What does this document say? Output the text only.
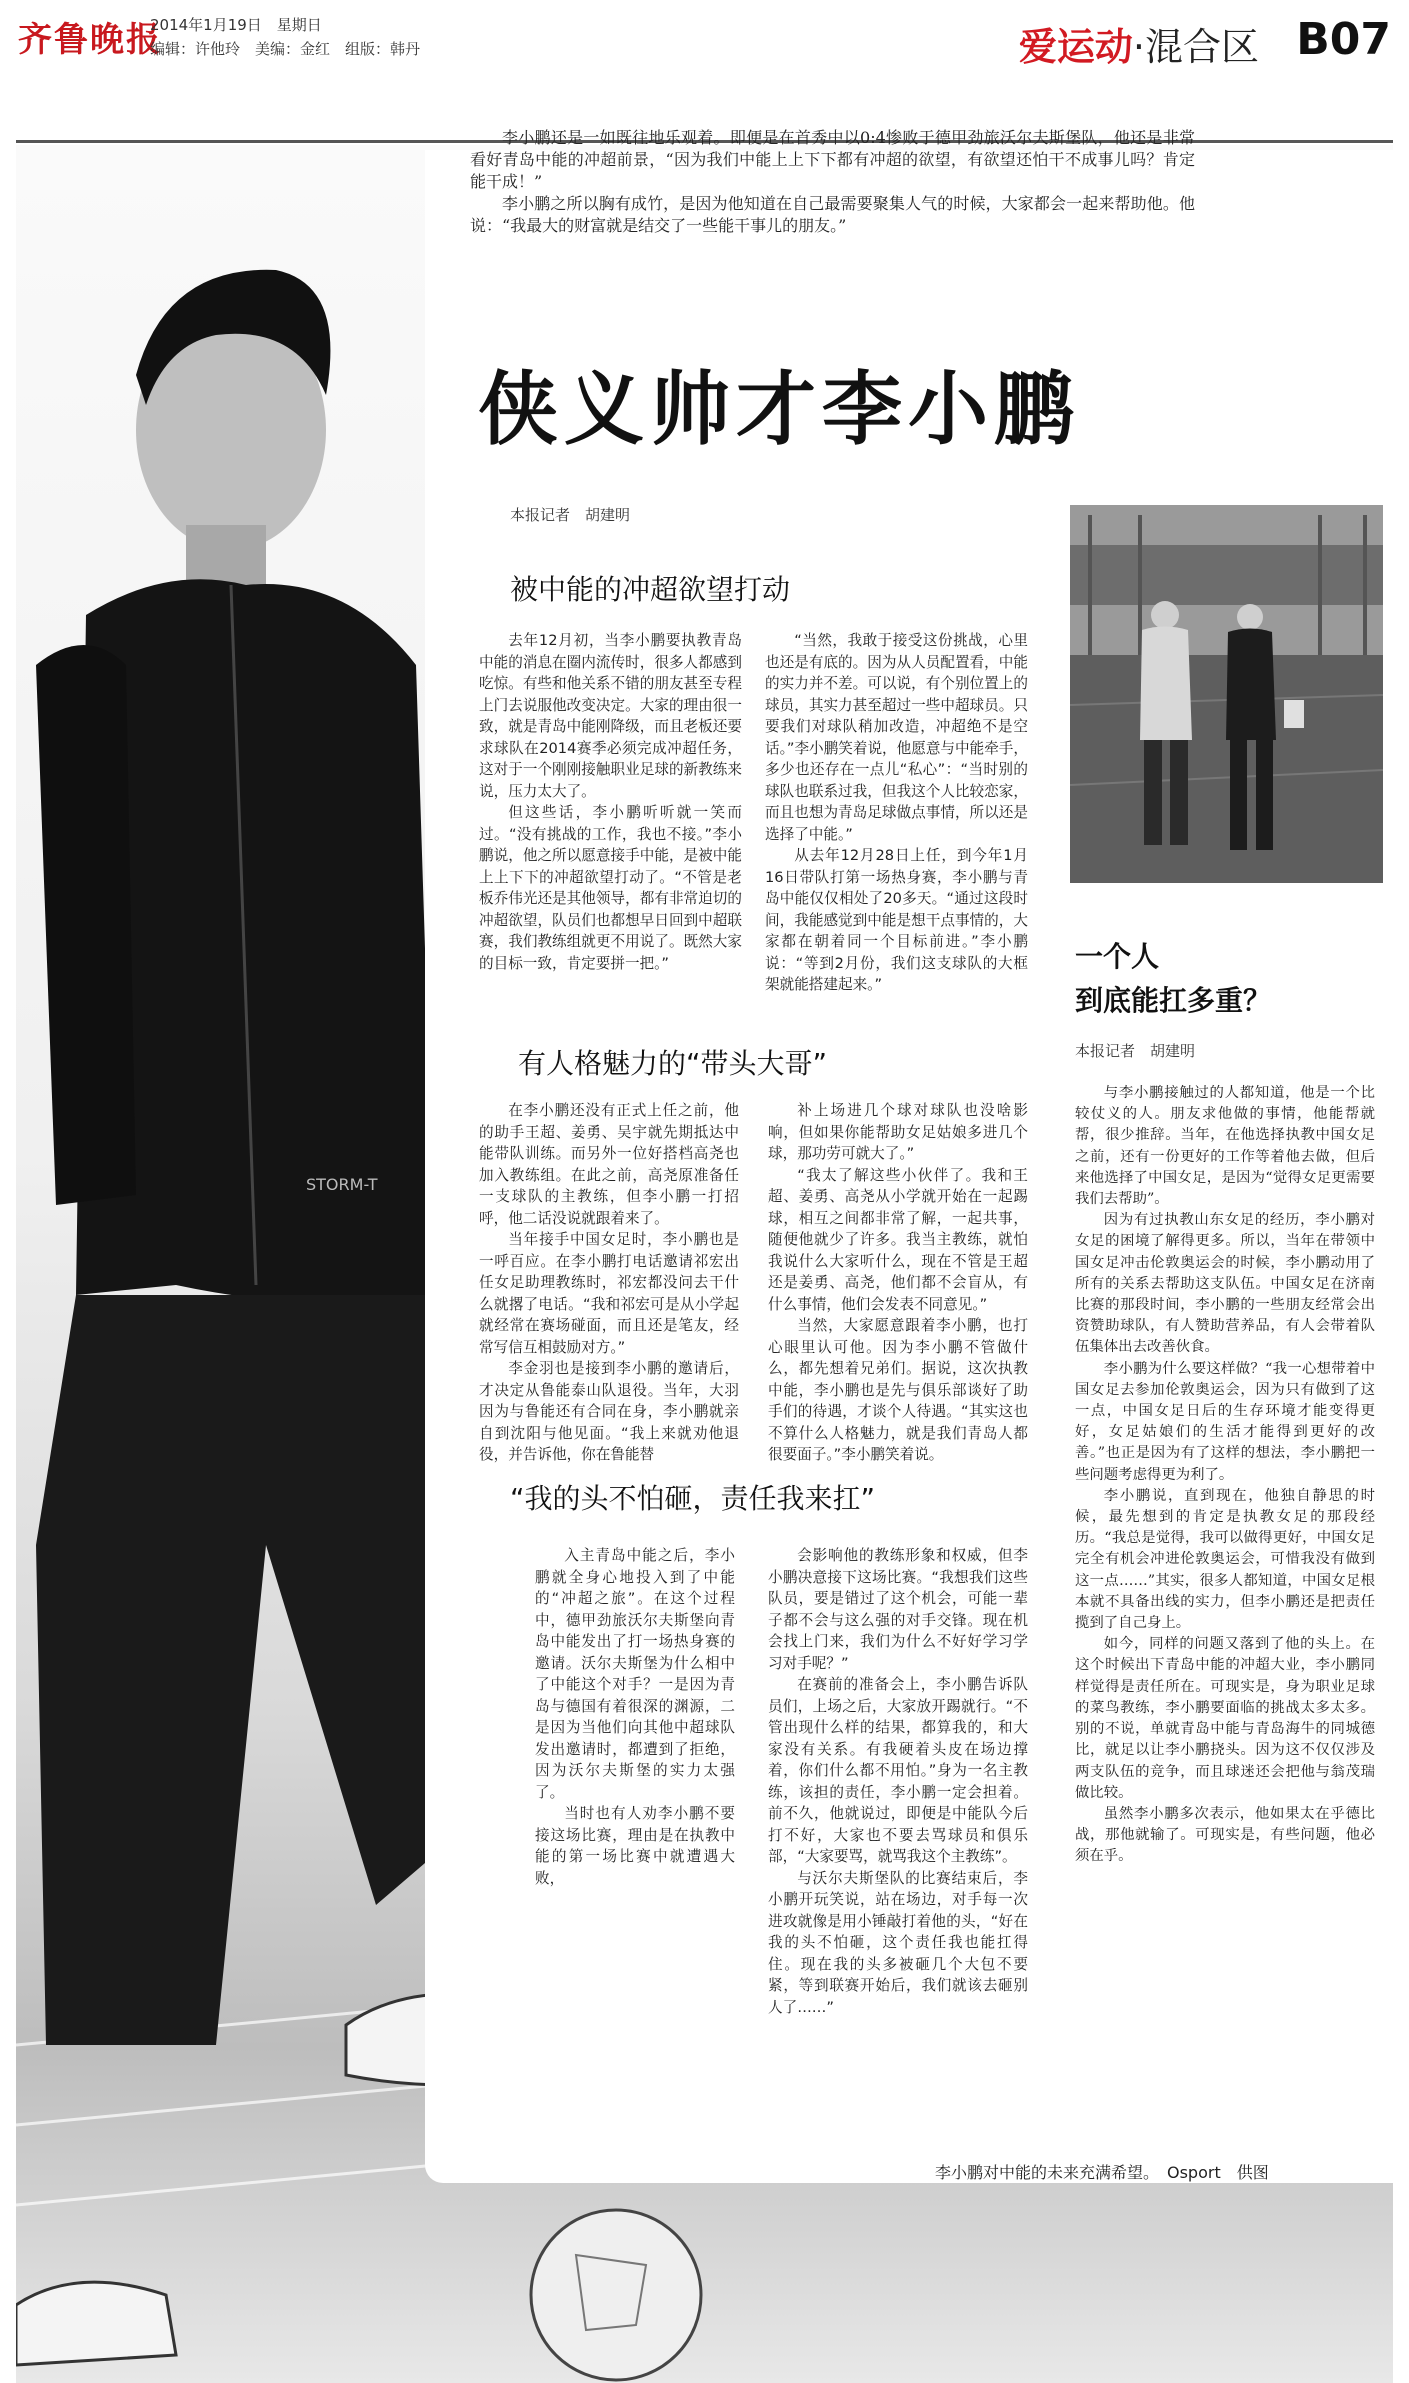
齐鲁晚报
2014年1月19日　星期日
编辑：许他玲　美编：金红　组版：韩丹	爱运动·混合区 B07
STORM-T

李小鹏还是一如既往地乐观着。即便是在首秀中以0:4惨败于德甲劲旅沃尔夫斯堡队，他还是非常看好青岛中能的冲超前景，“因为我们中能上上下下都有冲超的欲望，有欲望还怕干不成事儿吗？肯定能干成！”

李小鹏之所以胸有成竹，是因为他知道在自己最需要聚集人气的时候，大家都会一起来帮助他。他说：“我最大的财富就是结交了一些能干事儿的朋友。”

侠义帅才李小鹏
本报记者　胡建明
被中能的冲超欲望打动

去年12月初，当李小鹏要执教青岛中能的消息在圈内流传时，很多人都感到吃惊。有些和他关系不错的朋友甚至专程上门去说服他改变决定。大家的理由很一致，就是青岛中能刚降级，而且老板还要求球队在2014赛季必须完成冲超任务，这对于一个刚刚接触职业足球的新教练来说，压力太大了。

但这些话，李小鹏听听就一笑而过。“没有挑战的工作，我也不接。”李小鹏说，他之所以愿意接手中能，是被中能上上下下的冲超欲望打动了。“不管是老板乔伟光还是其他领导，都有非常迫切的冲超欲望，队员们也都想早日回到中超联赛，我们教练组就更不用说了。既然大家的目标一致，肯定要拼一把。”

“当然，我敢于接受这份挑战，心里也还是有底的。因为从人员配置看，中能的实力并不差。可以说，有个别位置上的球员，其实力甚至超过一些中超球员。只要我们对球队稍加改造，冲超绝不是空话。”李小鹏笑着说，他愿意与中能牵手，多少也还存在一点儿“私心”：“当时别的球队也联系过我，但我这个人比较恋家，而且也想为青岛足球做点事情，所以还是选择了中能。”

从去年12月28日上任，到今年1月16日带队打第一场热身赛，李小鹏与青岛中能仅仅相处了20多天。“通过这段时间，我能感觉到中能是想干点事情的，大家都在朝着同一个目标前进。”李小鹏说：“等到2月份，我们这支球队的大框架就能搭建起来。”

一个人
到底能扛多重？
本报记者　胡建明

与李小鹏接触过的人都知道，他是一个比较仗义的人。朋友求他做的事情，他能帮就帮，很少推辞。当年，在他选择执教中国女足之前，还有一份更好的工作等着他去做，但后来他选择了中国女足，是因为“觉得女足更需要我们去帮助”。

因为有过执教山东女足的经历，李小鹏对女足的困境了解得更多。所以，当年在带领中国女足冲击伦敦奥运会的时候，李小鹏动用了所有的关系去帮助这支队伍。中国女足在济南比赛的那段时间，李小鹏的一些朋友经常会出资赞助球队，有人赞助营养品，有人会带着队伍集体出去改善伙食。

李小鹏为什么要这样做？“我一心想带着中国女足去参加伦敦奥运会，因为只有做到了这一点，中国女足日后的生存环境才能变得更好，女足姑娘们的生活才能得到更好的改善。”也正是因为有了这样的想法，李小鹏把一些问题考虑得更为利了。

李小鹏说，直到现在，他独自静思的时候，最先想到的肯定是执教女足的那段经历。“我总是觉得，我可以做得更好，中国女足完全有机会冲进伦敦奥运会，可惜我没有做到这一点……”其实，很多人都知道，中国女足根本就不具备出线的实力，但李小鹏还是把责任揽到了自己身上。

如今，同样的问题又落到了他的头上。在这个时候出下青岛中能的冲超大业，李小鹏同样觉得是责任所在。可现实是，身为职业足球的菜鸟教练，李小鹏要面临的挑战太多太多。别的不说，单就青岛中能与青岛海牛的同城德比，就足以让李小鹏挠头。因为这不仅仅涉及两支队伍的竞争，而且球迷还会把他与翁茂瑞做比较。

虽然李小鹏多次表示，他如果太在乎德比战，那他就输了。可现实是，有些问题，他必须在乎。

有人格魅力的“带头大哥”

在李小鹏还没有正式上任之前，他的助手王超、姜勇、吴宇就先期抵达中能带队训练。而另外一位好搭档高尧也加入教练组。在此之前，高尧原准备任一支球队的主教练，但李小鹏一打招呼，他二话没说就跟着来了。

当年接手中国女足时，李小鹏也是一呼百应。在李小鹏打电话邀请祁宏出任女足助理教练时，祁宏都没问去干什么就撂了电话。“我和祁宏可是从小学起就经常在赛场碰面，而且还是笔友，经常写信互相鼓励对方。”

李金羽也是接到李小鹏的邀请后，才决定从鲁能泰山队退役。当年，大羽因为与鲁能还有合同在身，李小鹏就亲自到沈阳与他见面。“我上来就劝他退役，并告诉他，你在鲁能替

补上场进几个球对球队也没啥影响，但如果你能帮助女足姑娘多进几个球，那功劳可就大了。”

“我太了解这些小伙伴了。我和王超、姜勇、高尧从小学就开始在一起踢球，相互之间都非常了解，一起共事，随便他就少了许多。我当主教练，就怕我说什么大家听什么，现在不管是王超还是姜勇、高尧，他们都不会盲从，有什么事情，他们会发表不同意见。”

当然，大家愿意跟着李小鹏，也打心眼里认可他。因为李小鹏不管做什么，都先想着兄弟们。据说，这次执教中能，李小鹏也是先与俱乐部谈好了助手们的待遇，才谈个人待遇。“其实这也不算什么人格魅力，就是我们青岛人都很要面子。”李小鹏笑着说。

“我的头不怕砸，责任我来扛”

入主青岛中能之后，李小鹏就全身心地投入到了中能的“冲超之旅”。在这个过程中，德甲劲旅沃尔夫斯堡向青岛中能发出了打一场热身赛的邀请。沃尔夫斯堡为什么相中了中能这个对手？一是因为青岛与德国有着很深的渊源，二是因为当他们向其他中超球队发出邀请时，都遭到了拒绝，因为沃尔夫斯堡的实力太强了。

当时也有人劝李小鹏不要接这场比赛，理由是在执教中能的第一场比赛中就遭遇大败，

会影响他的教练形象和权威，但李小鹏决意接下这场比赛。“我想我们这些队员，要是错过了这个机会，可能一辈子都不会与这么强的对手交锋。现在机会找上门来，我们为什么不好好学习学习对手呢？”

在赛前的准备会上，李小鹏告诉队员们，上场之后，大家放开踢就行。“不管出现什么样的结果，都算我的，和大家没有关系。有我硬着头皮在场边撑着，你们什么都不用怕。”身为一名主教练，该担的责任，李小鹏一定会担着。前不久，他就说过，即便是中能队今后打不好，大家也不要去骂球员和俱乐部，“大家要骂，就骂我这个主教练”。

与沃尔夫斯堡队的比赛结束后，李小鹏开玩笑说，站在场边，对手每一次进攻就像是用小锤敲打着他的头，“好在我的头不怕砸，这个责任我也能扛得住。现在我的头多被砸几个大包不要紧，等到联赛开始后，我们就该去砸别人了……”

李小鹏对中能的未来充满希望。　Osport　供图
